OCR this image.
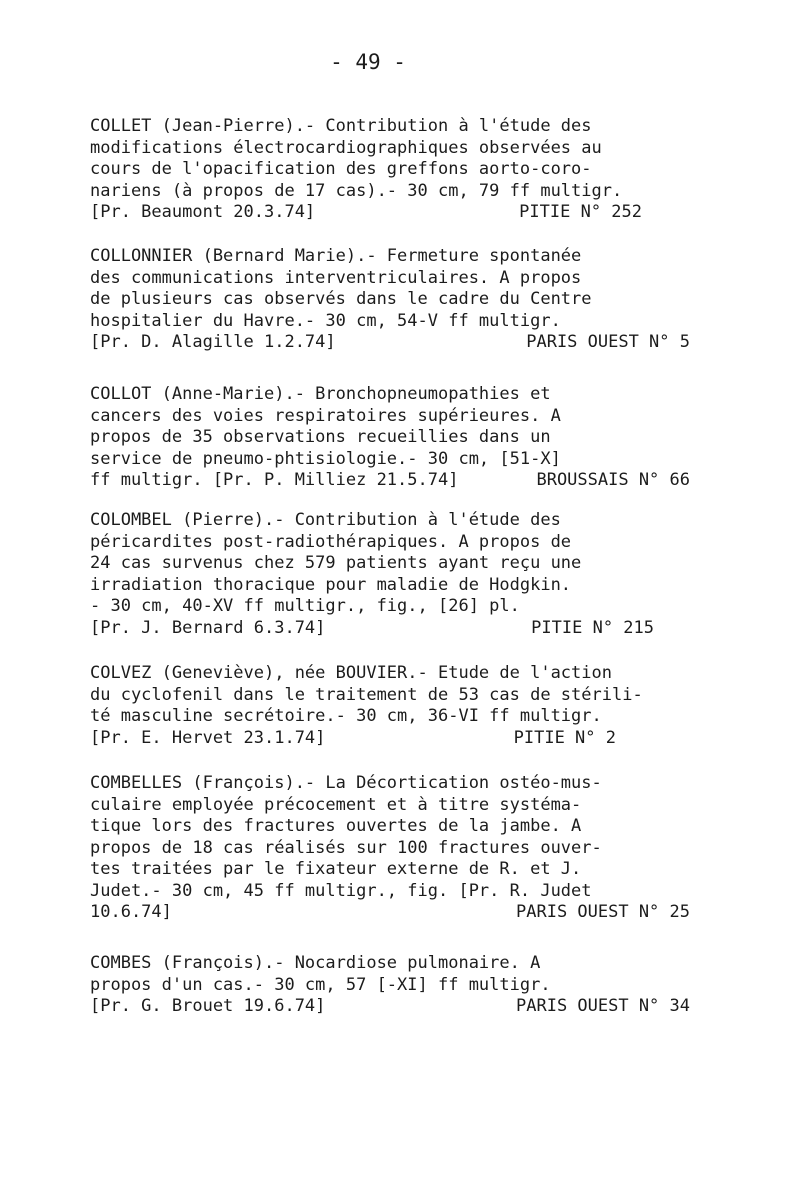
- 49 -
COLLET (Jean-Pierre).- Contribution à l'étude des
modifications électrocardiographiques observées au
cours de l'opacification des greffons aorto-coro-
nariens (à propos de 17 cas).- 30 cm, 79 ff multigr.
[Pr. Beaumont 20.3.74]	PITIE N° 252
COLLONNIER (Bernard Marie).- Fermeture spontanée
des communications interventriculaires. A propos
de plusieurs cas observés dans le cadre du Centre
hospitalier du Havre.- 30 cm, 54-V ff multigr.
[Pr. D. Alagille 1.2.74]	PARIS OUEST N° 5
COLLOT (Anne-Marie).- Bronchopneumopathies et
cancers des voies respiratoires supérieures. A
propos de 35 observations recueillies dans un
service de pneumo-phtisiologie.- 30 cm, [51-X]
ff multigr. [Pr. P. Milliez 21.5.74]	BROUSSAIS N° 66
COLOMBEL (Pierre).- Contribution à l'étude des
péricardites post-radiothérapiques. A propos de
24 cas survenus chez 579 patients ayant reçu une
irradiation thoracique pour maladie de Hodgkin.
- 30 cm, 40-XV ff multigr., fig., [26] pl.
[Pr. J. Bernard 6.3.74]	PITIE N° 215
COLVEZ (Geneviève), née BOUVIER.- Etude de l'action
du cyclofenil dans le traitement de 53 cas de stérili-
té masculine secrétoire.- 30 cm, 36-VI ff multigr.
[Pr. E. Hervet 23.1.74]	PITIE N° 2
COMBELLES (François).- La Décortication ostéo-mus-
culaire employée précocement et à titre systéma-
tique lors des fractures ouvertes de la jambe. A
propos de 18 cas réalisés sur 100 fractures ouver-
tes traitées par le fixateur externe de R. et J.
Judet.- 30 cm, 45 ff multigr., fig. [Pr. R. Judet
10.6.74]	PARIS OUEST N° 25
COMBES (François).- Nocardiose pulmonaire. A
propos d'un cas.- 30 cm, 57 [-XI] ff multigr.
[Pr. G. Brouet 19.6.74]	PARIS OUEST N° 34
